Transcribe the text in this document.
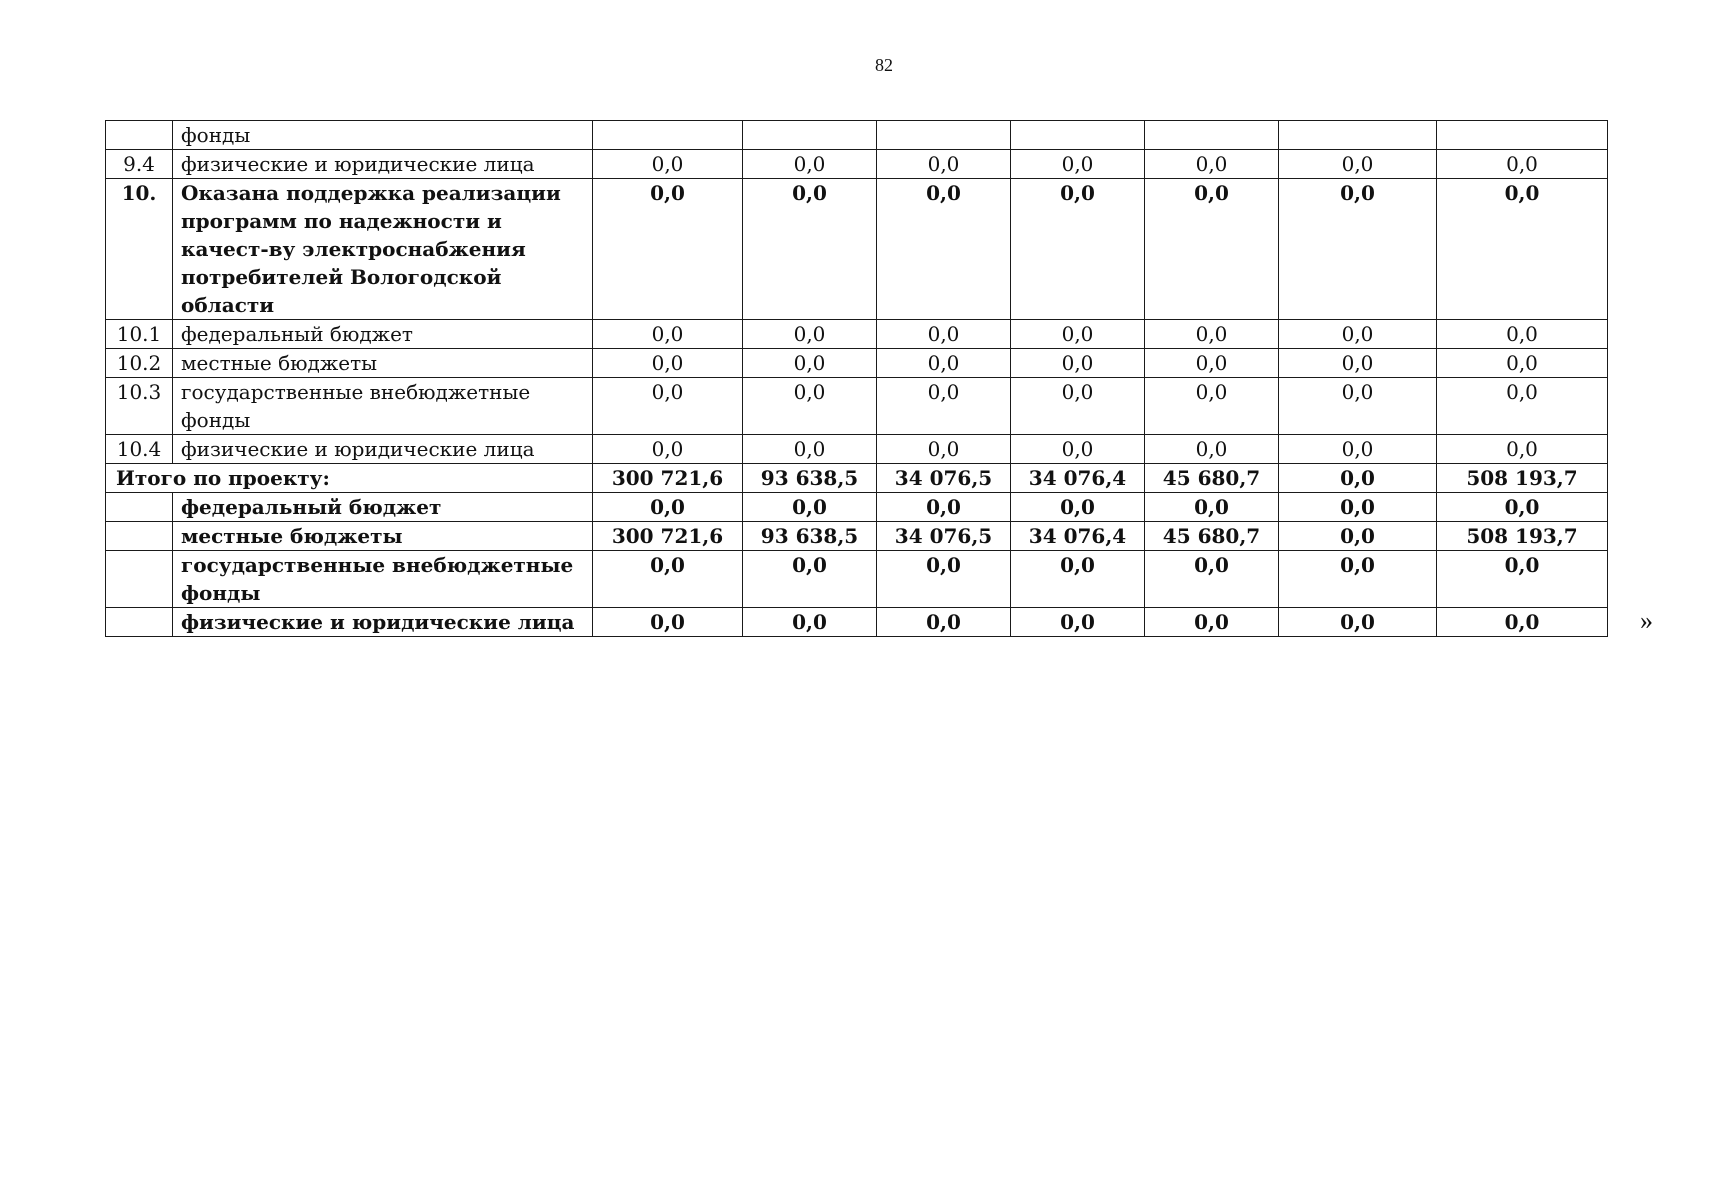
82
	фонды							
9.4	физические и юридические лица	0,0	0,0	0,0	0,0	0,0	0,0	0,0
10.	Оказана поддержка реализации программ по надежности и качест-ву электроснабжения потребителей Вологодской области	0,0	0,0	0,0	0,0	0,0	0,0	0,0
10.1	федеральный бюджет	0,0	0,0	0,0	0,0	0,0	0,0	0,0
10.2	местные бюджеты	0,0	0,0	0,0	0,0	0,0	0,0	0,0
10.3	государственные внебюджетные фонды	0,0	0,0	0,0	0,0	0,0	0,0	0,0
10.4	физические и юридические лица	0,0	0,0	0,0	0,0	0,0	0,0	0,0
Итого по проекту:		300 721,6	93 638,5	34 076,5	34 076,4	45 680,7	0,0	508 193,7
	федеральный бюджет	0,0	0,0	0,0	0,0	0,0	0,0	0,0
	местные бюджеты	300 721,6	93 638,5	34 076,5	34 076,4	45 680,7	0,0	508 193,7
	государственные внебюджетные фонды	0,0	0,0	0,0	0,0	0,0	0,0	0,0
	физические и юридические лица	0,0	0,0	0,0	0,0	0,0	0,0	0,0	»
